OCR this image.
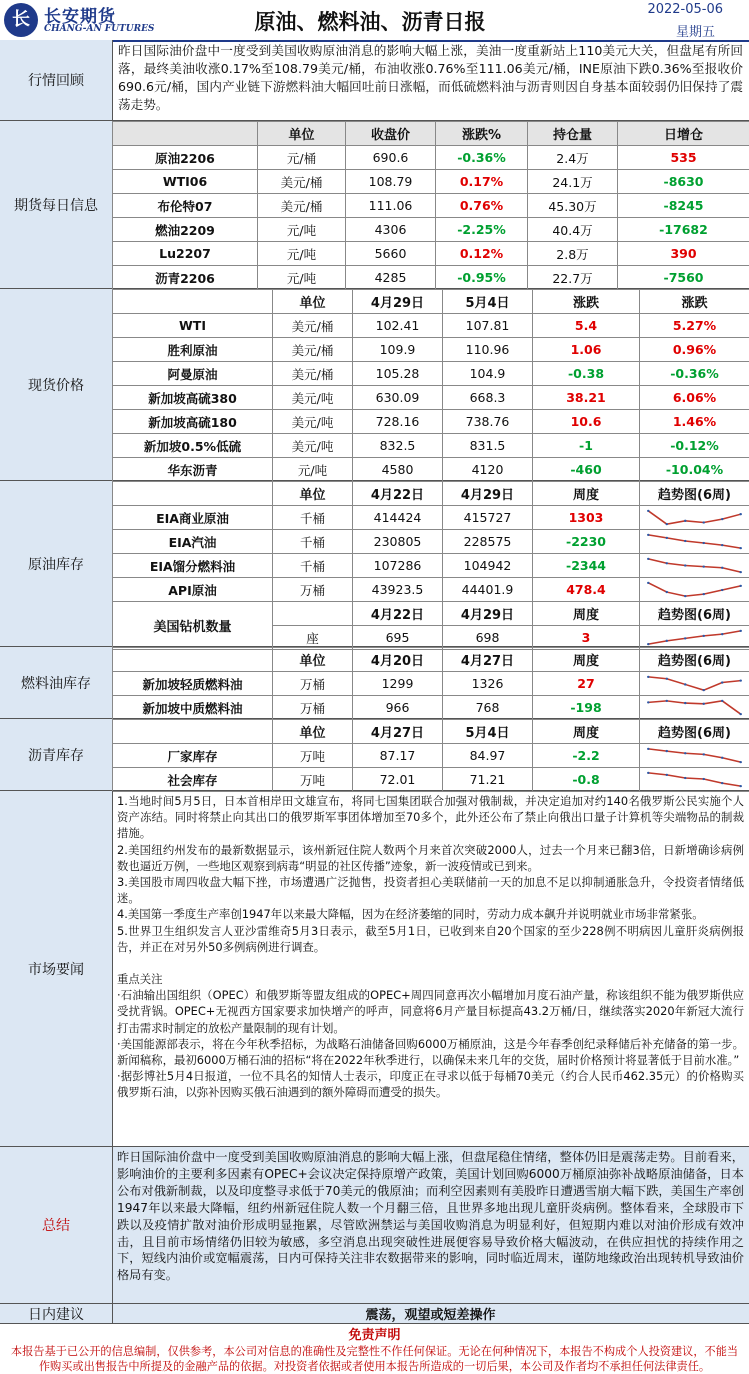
长 长安期货
CHANG-AN FUTURES	原油、燃料油、沥青日报
2022-05-06
星期五
行情回顾
昨日国际油价盘中一度受到美国收购原油消息的影响大幅上涨，美油一度重新站上110美元大关，但盘尾有所回落，最终美油收涨0.17%至108.79美元/桶，布油收涨0.76%至111.06美元/桶，INE原油下跌0.36%至报收价690.6元/桶，国内产业链下游燃料油大幅回吐前日涨幅，而低硫燃料油与沥青则因自身基本面较弱仍旧保持了震荡走势。
期货每日信息
	单位	收盘价	涨跌%	持仓量	日增仓
原油2206	元/桶	690.6	-0.36%	2.4万	535
WTI06	美元/桶	108.79	0.17%	24.1万	-8630
布伦特07	美元/桶	111.06	0.76%	45.30万	-8245
燃油2209	元/吨	4306	-2.25%	40.4万	-17682
Lu2207	元/吨	5660	0.12%	2.8万	390
沥青2206	元/吨	4285	-0.95%	22.7万	-7560
现货价格
	单位	4月29日	5月4日	涨跌	涨跌
WTI	美元/桶	102.41	107.81	5.4	5.27%
胜利原油	美元/桶	109.9	110.96	1.06	0.96%
阿曼原油	美元/桶	105.28	104.9	-0.38	-0.36%
新加坡高硫380	美元/吨	630.09	668.3	38.21	6.06%
新加坡高硫180	美元/吨	728.16	738.76	10.6	1.46%
新加坡0.5%低硫	美元/吨	832.5	831.5	-1	-0.12%
华东沥青	元/吨	4580	4120	-460	-10.04%
原油库存
	单位	4月22日	4月29日	周度	趋势图(6周)
EIA商业原油	千桶	414424	415727	1303	

EIA汽油	千桶	230805	228575	-2230	

EIA馏分燃料油	千桶	107286	104942	-2344	

API原油	万桶	43923.5	44401.9	478.4	

美国钻机数量		4月22日	4月29日	周度	趋势图(6周)
	座	695	698	3	
燃料油库存
	单位	4月20日	4月27日	周度	趋势图(6周)
新加坡轻质燃料油	万桶	1299	1326	27	

新加坡中质燃料油	万桶	966	768	-198	
沥青库存
	单位	4月27日	5月4日	周度	趋势图(6周)
厂家库存	万吨	87.17	84.97	-2.2	

社会库存	万吨	72.01	71.21	-0.8	
市场要闻

1.当地时间5月5日，日本首相岸田文雄宣布，将同七国集团联合加强对俄制裁，并决定追加对约140名俄罗斯公民实施个人资产冻结。同时将禁止向其出口的俄罗斯军事团体增加至70多个，此外还公布了禁止向俄出口量子计算机等尖端物品的制裁措施。

2.美国纽约州发布的最新数据显示，该州新冠住院人数两个月来首次突破2000人，过去一个月来已翻3倍，日新增确诊病例数也逼近万例，一些地区观察到病毒“明显的社区传播”迹象，新一波疫情或已到来。

3.美国股市周四收盘大幅下挫，市场遭遇广泛抛售，投资者担心美联储前一天的加息不足以抑制通胀急升，令投资者情绪低迷。

4.美国第一季度生产率创1947年以来最大降幅，因为在经济萎缩的同时，劳动力成本飙升并说明就业市场非常紧张。

5.世界卫生组织发言人亚沙雷维奇5月3日表示，截至5月1日，已收到来自20个国家的至少228例不明病因儿童肝炎病例报告，并正在对另外50多例病例进行调查。

重点关注

·石油输出国组织（OPEC）和俄罗斯等盟友组成的OPEC+周四同意再次小幅增加月度石油产量，称该组织不能为俄罗斯供应受扰背锅。OPEC+无视西方国家要求加快增产的呼声，同意将6月产量目标提高43.2万桶/日，继续落实2020年新冠大流行打击需求时制定的放松产量限制的现有计划。

·美国能源部表示，将在今年秋季招标，为战略石油储备回购6000万桶原油，这是今年春季创纪录释储后补充储备的第一步。新闻稿称，最初6000万桶石油的招标“将在2022年秋季进行，以确保未来几年的交货，届时价格预计将显著低于目前水准。”

·据彭博社5月4日报道，一位不具名的知情人士表示，印度正在寻求以低于每桶70美元（约合人民币462.35元）的价格购买俄罗斯石油，以弥补因购买俄石油遇到的额外障碍而遭受的损失。

总结
昨日国际油价盘中一度受到美国收购原油消息的影响大幅上涨，但盘尾稳住情绪，整体仍旧是震荡走势。目前看来，影响油价的主要利多因素有OPEC+会议决定保持原增产政策，美国计划回购6000万桶原油弥补战略原油储备，日本公布对俄新制裁，以及印度整寻求低于70美元的俄原油；而利空因素则有美股昨日遭遇雪崩大幅下跌，美国生产率创1947年以来最大降幅，纽约州新冠住院人数一个月翻三倍，且世界多地出现儿童肝炎病例。整体看来，全球股市下跌以及疫情扩散对油价形成明显拖累，尽管欧洲禁运与美国收购消息为明显利好，但短期内难以对油价形成有效冲击，且目前市场情绪仍旧较为敏感，多空消息出现突破性进展便容易导致价格大幅波动，在供应担忧的持续作用之下，短线内油价或宽幅震荡，日内可保持关注非农数据带来的影响，同时临近周末，谨防地缘政治出现转机导致油价格局有变。
日内建议	震荡，观望或短差操作
免责声明
本报告基于已公开的信息编制，仅供参考，本公司对信息的准确性及完整性不作任何保证。无论在何种情况下，本报告不构成个人投资建议，不能当作购买或出售报告中所提及的金融产品的依据。对投资者依据或者使用本报告所造成的一切后果，本公司及作者均不承担任何法律责任。
